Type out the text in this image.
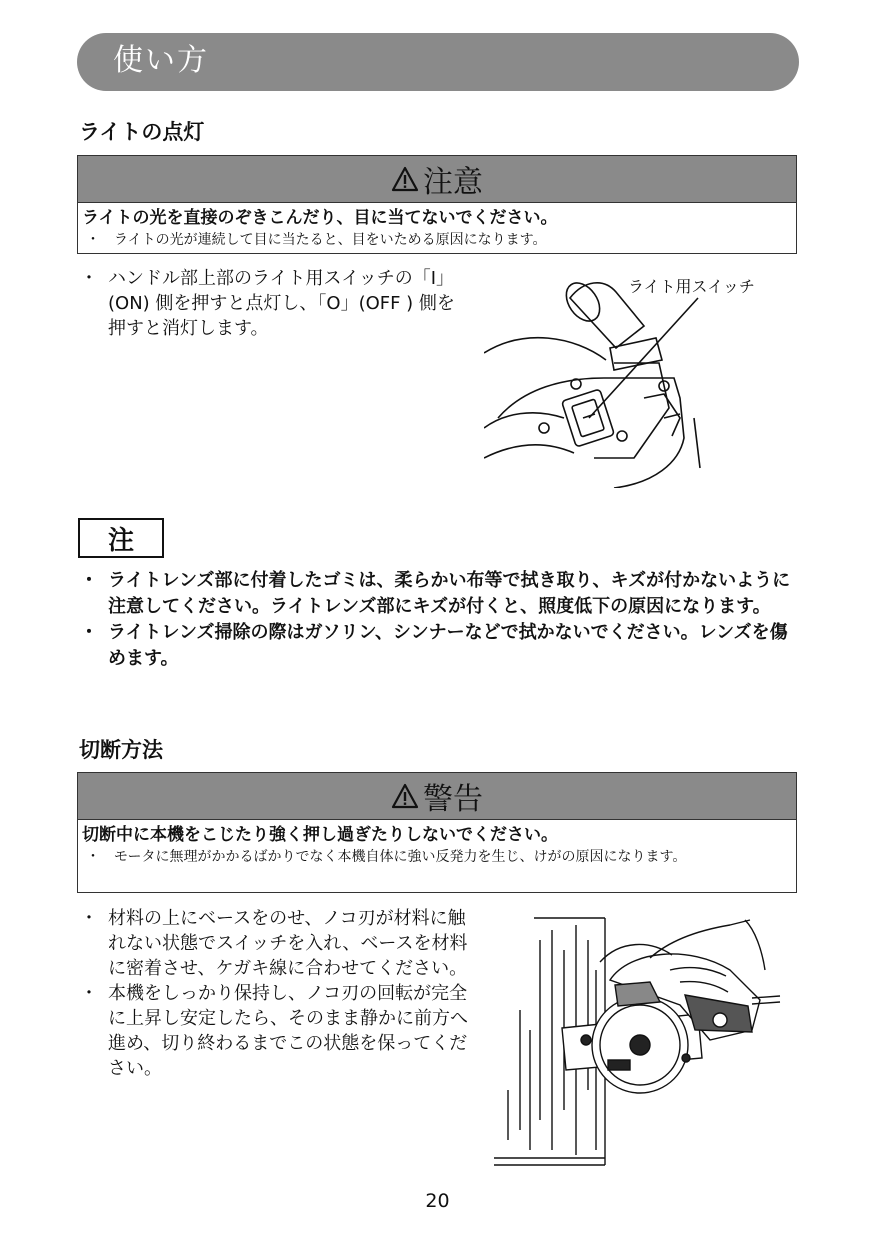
使い方
ライトの点灯
注意
ライトの光を直接のぞきこんだり、目に当てないでください。
・	ライトの光が連続して目に当たると、目をいためる原因になります。
・ ハンドル部上部のライト用スイッチの「I」(ON) 側を押すと点灯し、「O」(OFF ) 側を押すと消灯します。
ライト用スイッチ
注
・ ライトレンズ部に付着したゴミは、柔らかい布等で拭き取り、キズが付かないように注意してください。ライトレンズ部にキズが付くと、照度低下の原因になります。
・ ライトレンズ掃除の際はガソリン、シンナーなどで拭かないでください。レンズを傷めます。
切断方法
警告
切断中に本機をこじたり強く押し過ぎたりしないでください。
・	モータに無理がかかるばかりでなく本機自体に強い反発力を生じ、けがの原因になります。
・ 材料の上にベースをのせ、ノコ刃が材料に触れない状態でスイッチを入れ、ベースを材料に密着させ、ケガキ線に合わせてください。
・ 本機をしっかり保持し、ノコ刃の回転が完全に上昇し安定したら、そのまま静かに前方へ進め、切り終わるまでこの状態を保ってください。
20
